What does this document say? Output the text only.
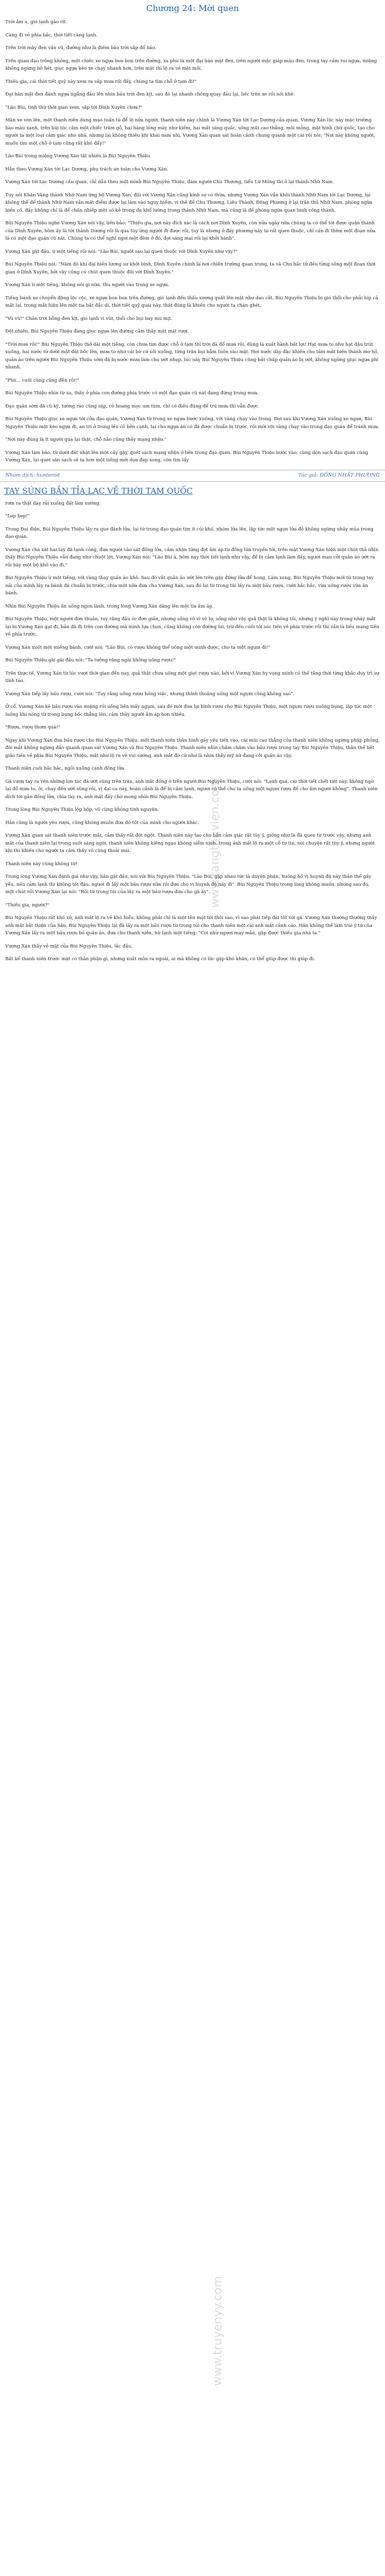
Chương 24: Mời quen

Trời âm u, gió lạnh gào rít.

Càng đi về phía bắc, thời tiết càng lạnh.

Trên trời mây đen vần vũ, đường như là điềm báo trời sắp đổ bão.

Trên quan đạo trống không, một chiếc xe ngựa bon bon trên đường, xa phu là một đại hán mặt đen, trên người mặc giáp màu đen, trong tay cầm roi ngựa, miệng không ngừng hô hét, giục ngựa kéo xe chạy nhanh hơn, trên mặt thì lộ ra vẻ mệt mỏi.

Thiếu gia, cái thời tiết quỷ này xem ra sắp mưa rồi đấy, chúng ta tìm chỗ ở tạm đi!"

Đại hán mặt đen đánh ngựa ngẩng đầu lên nhìn bầu trời đen kịt, sau đó lại nhanh chóng quay đầu lại, liếc trên xe rồi nói khẽ.

"Lão Bùi, tình thứ thời gian xem, sắp tới Dĩnh Xuyên chưa?"

Màn xe vén lên, một thanh niên dung mạo tuấn tú để lộ nửa người, thanh niên này chính là Vương Xán tới Lạc Dương cầu quan, Vương Xán lúc này mặc trường bào màu xanh, trên búi tóc cắm một chiếc trâm gỗ, hai hàng lông mày như kiếm, hai mắt sáng quắc, sống mũi cao thẳng, môi mỏng, mặt hình chữ quốc, tạo cho người ta một loại cảm giác nho nhã, nhưng lại không thiếu khí khái nam nhi, Vương Xán quan sát hoàn cảnh chung quanh một cái rồi nói: "Nơi này không người, muốn tìm một chỗ ở tạm cũng rất khó đấy!"

Lão Bùi trong miệng Vương Xán tất nhiên là Bùi Nguyên Thiệu.

Hắn theo Vương Xán tới Lạc Dương, phụ trách an toàn cho Vương Xán.

Vương Xán tới Lạc Dương cầu quan, chỉ dẫn theo một mình Bùi Nguyên Thiệu, đám người Chu Thương, tiểu Lữ Mông thì ở lại thành Nhữ Nam.

Tuy nói Khăn Vàng thành Nhữ Nam ứng hộ Vương Xán, đối với Vương Xán cũng kính sợ có thừa, nhưng Vương Xán vẫn khôi thành Nhữ Nam tới Lạc Dương, lại không thể để thành Nhữ Nam vắn mất điểm được lại làm vào nguy hiểm, vì thế để Chu Thương, Liêu Thành, Đông Phương ở lại trấn thủ Nhữ Nam, phòng ngừa biến cố, đây không chỉ là để chấn nhiếp một số kẻ trong đa khổ lường trong thành Nhữ Nam, mà cũng là để phòng ngừa quan binh công thành.

Bùi Nguyên Thiệu nghe Vương Xán nói vậy, liền bảo: "Thiếu gia, nơi này đích xác là cách nơi Dĩnh Xuyên, còn nửa ngày nữa chúng ta có thể tới được quận thành của Dĩnh Xuyên, hôm ấy là tới thành Dương rồi là qua tùy ứng người đi được rồi, tuy là nhưng ở đây phương này ta rất quen thuộc, chỉ cần đi thêm một đoạn nữa là có một đạo quán cũ nát. Chúng ta có thể nghỉ ngơi một đêm ở đó, đợi sáng mai rồi lại khởi hành".

Vương Xán gật đầu, ừ một tiếng rồi nói: "Lão Bùi, người sao lại quen thuộc với Dĩnh Xuyên như vậy?"

Bùi Nguyên Thiệu nói: "Năm đó khi đại hiền lương sư khởi binh, Dĩnh Xuyên chính là nơi chiến trường quan trọng, ta và Chu hắc tử đều từng sống một đoạn thời gian ở Dĩnh Xuyên, bởi vậy cũng có chút quen thuộc đối với Dĩnh Xuyên."

Vương Xán ừ một tiếng, không nói gì nữa, thu người vào trong xe ngựa.

Tiếng bánh xe chuyển động lộc cộc, xe ngựa bon bon trên đường, gió lạnh đến thấu xương quất lên mặt như dao cắt, Bùi Nguyên Thiệu bị gió thổi cho phải híp cả mắt lại, trong mắt hiện lên một tia bất đắc dĩ, thời tiết quỷ quái này, thật đúng là khiến cho người ta chán ghét.

"Vù vù!" Chân trời bỗng đen kịt, gió lạnh vì vút, thổi cho bụi bay mù mịt.

Đột nhiên, Bùi Nguyên Thiệu đang giục ngựa lên đường cảm thấy mặt mát rượi.

"Trời mưa rồi!" Bùi Nguyên Thiệu thở dài một tiếng, còn chưa tìm được chỗ ở tạm thì trời đã đổ mưa rồi, dùng là xuất hành bất lợi! Hạt mưa to như hạt đậu trút xuống, hai nước từ dưới mặt đất bốc lên, mưa to như cái bờ cứ xối xuống, từng trận bụi bẫm tuôn vào mặt. Hơi nước dày đặc khiến cho tầm mắt biến thành mơ hồ, quần áo trên người Bùi Nguyên Thiệu sớm đã bị nước mưa làm cho ướt nhẹp, lúc này Bùi Nguyên Thiệu cũng bất chấp quần áo bị ướt, không ngừng giục ngựa phi nhanh.

"Phù... cuối cùng cũng đến rồi!"

Bùi Nguyên Thiệu nhìn từ xa, thấy ở phía con đường phía trước có một đạo quán cũ nát đang đứng trong mưa.

Đạo quán sớm đã cũ kỹ, tường rào cũng sập, cỏ hoang mọc um tùm, chỉ có điều đúng để trú mưa thì vẫn được.

Bùi Nguyên Thiệu giục xe ngựa tới cửa đạo quán, Vương Xán từ trong xe ngựa bước xuống, với vàng chạy vào trong. Đợi sau khi Vương Xán xuống xe ngựa, Bùi Nguyên Thiệu một kéo ngựa đi, an trí ở trong lều cỏ bên cạnh, lại cho ngựa ăn có đã được chuẩn bị trước, rồi mới vội vàng chạy vào trong đạo quán để tránh mưa.

"Nơi này đúng là ít người qua lại thật, chỗ nào cũng thấy mạng nhện."

Vương Xán làm bảo, từ dưới đất nhặt lên một cây gậy, quét sạch mạng nhện ở bên trong đạo quán. Bùi Nguyên Thiệu bước vào, cùng dọn sạch đạo quán cùng Vương Xán, lại quét sân sạch sẽ ta hơn một tiếng mới dọn đẹp xong, còn tìm lấy

Nhóm dịch: hunterod	Tác giả: ĐỒNG NHẤT PHƯƠNG
TAY SÚNG BẮN TỈA LẠC VỀ THỜI TAM QUỐC

rơm ra thật dày rải xuống đất làm nướng.

"Lẹp bẹp!"

Trong Đại điện, Bùi Nguyên Thiệu lấy ra que đánh lửa, lại từ trong đạo quán tìm ít củi khô, nhóm lửa lên, lập tức một ngọn lửa đỏ không ngừng nhảy múa trong đạo quán.

Vương Xán chà xát hai tay đã lạnh cóng, đưa người vào sát đống lửa, cảm nhận từng đợt ấm áp từ đống lửa truyền tới, trên mặt Vương Xán hiện một chút thả nhìn thấy Bùi Nguyên Thiệu vẫn đang như chuột lột, Vương Xán nói: "Lão Bùi à, hôm nay thời tiết lạnh như vậy, để bị cảm lạnh làm đấy, ngươi mau cởi quần áo ướt ra rồi hãy một bộ khô vào đi."

Bùi Nguyên Thiệu ừ một tiếng, với vàng thay quần áo khô. Sau đó vắt quần áo ướt lên trên gậy đứng lửa để hong. Làm xong, Bùi Nguyên Thiệu mới từ trong tay nải của mình lấy ra bánh đã chuẩn bị trước, chia một nửa đưa cho Vương Xán, sau đó lại từ trong túi lấy ra một bầu rượu, cười hắc hắc, vừa uống rượu vừa ăn bánh.

Nhìn Bùi Nguyên Thiệu ăn uống ngon lành, trong lòng Vương Xán dâng lên một tia ấm áp.

Bùi Nguyên Thiệu, một người đơn thuần, tuy rằng đầu óc đơn giản, nhưng sống vô vi vô lự, sống như vậy quả thật là không tồi, nhưng ý nghĩ này trong nháy mắt lại bị Vương Xán gạt đi, bản đã đi trên con đường mà mình lựa chọn, cũng không còn đường lui, trừ đến cuối tới sóc tiến về phía trước rồi thì vẫn là liều mạng tiến về phía trước.

Vương Xán xuốt một miếng bánh, cười nói: "Lão Bùi, có rượu không thể uống một mình được, cho ta một ngụm đi!"

Bùi Nguyên Thiệu gãi gãi đầu nói: "Ta tưởng rằng ngài không uống rượu!"

Trên thực tế, Vương Xán từ lúc vượt thời gian đến nay, quả thật chưa uống một giọt rượu nào, bởi vì Vương Xán hy vọng mình có thể tăng thời từng khắc duy trì sự tỉnh táo.

Vương Xán tiếp lấy bầu rượu, cười nói: "Tuy rằng uống rượu hỏng việc, nhưng thỉnh thoảng uống một ngụm cũng không sao".

Ở cổ, Vương Xán kê bầu rượu vào miệng rồi uống liền mấy ngụm, sau đó mới đưa lại bình rượu cho Bùi Nguyên Thiệu, một ngụm rượu xuống bụng, lập tức một luồng khí nóng từ trong bụng bốc thẳng lên, cảm thấy người ấm áp hơn nhiều.

"Rượu, rượu thơm quá!"

Ngay khi Vương Xán đưa bầu rượu cho Bùi Nguyên Thiệu, một thanh niên thân hình gầy yếu tiến vào, cái mũi cao thẳng của thanh niên không ngừng phập phồng, đôi mắt không ngừng đảo quanh quan sát Vương Xán và Bùi Nguyên Thiệu. Thanh niên nhìn chăm chăm vào bầu rượu trong tay Bùi Nguyên Thiệu, thân thể hết giảo tiến về phía Bùi Nguyên Thiệu, mắt như lộ ra vẻ vui sướng, anh mắt đờ cứ như là nhìn thấy mỹ nữ đang cởi quần áo vậy.

Thanh niên cuối hắc hắc, ngồi xuống cạnh đống lửa.

Gã vươn tay ra vén những lọn tóc đã ướt sũng trên trán, anh mắt đồng ờ trên người Bùi Nguyên Thiệu, cười nói: "Lạnh quá, cái thời tiết chết tiệt này, không ngờ lại đổ mưa to, ôi, chạy đến ướt sũng rồi, vị đại ca này, hoàn cảnh là để bị cảm lạnh, ngươi có thể cho ta uống một ngụm rượu để cho ấm người không". Thanh niên dích tới gần đống lửa, chìa tay ra, ánh mắt đầy chờ mong nhìn Bùi Nguyên Thiệu.

Trong lòng Bùi Nguyên Thiệu lộp bộp, vô cùng không tình nguyện.

Hắn cũng là người yêu rượu, cũng không muốn đưa đồ tốt của mình cho người khác.

Vương Xán quan sát thanh niên trước mắt, cảm thấy rất đột ngột. Thanh niên này tao cho hắn cảm giác rất tùy ý, giống như là đã quen từ trước vậy, nhưng anh mắt của thanh niên lại trong suốt sáng ngời, thanh niên không kiêng ngạo không siểm nịnh, trong ánh mắt lộ ra một cỗ tự tin, nói chuyện rất tùy ý, nhưng người khi thì khiến cho người ta cảm thấy vô cùng thoải mái.

Thanh niên này cũng không từ!

Trong lòng Vương Xán đánh giá như vậy, hắn gật đầu, nói với Bùi Nguyên Thiệu: "Lão Bùi, gặp nhau tức là duyên phận, huống hồ vị huynh đệ này thân thể gầy yếu, nếu cảm lạnh thì không tốt đâu, ngươi đi lấy một bầu rượu nữa rồi đưa cho vị huynh đệ này đi". Bùi Nguyên Thiệu trong lòng không muốn, nhưng sau đó, một chút rồi Vương Xán lại nói: "Rồi từ trong túi của lấy ra một bầu rượu đưa cho gã ấy".

"Thiếu gia, người?"

Bùi Nguyên Thiệu rất khó xử, ánh mắt lộ ra vẻ khó hiểu, không phải chỉ là một tên mọt tới thôi sao; vì sao phải tiếp đãi tốt với gã. Vương Xán thường thường thấy anh mắt bất thiện của hắn, Bùi Nguyên Thiệu lại đã lấy ra một bầu rượu từ trong túi cho thanh niên một cái anh mắt cảnh cáo. Hắn không thể làm trái ý tứ của Vương Xán lấy ra một bầu rượu bỏ quần áo, đưa cho thanh niên, hừ lạnh một tiếng: "Coi như ngươi may mắn, gặp được thiếu gia nhà ta."

Vương Xán thấy vẻ mặt của Bùi Nguyên Thiệu, lắc đầu.

Bất kể thanh niên trước mặt có thân phận gì, nhưng xuất môn ra ngoài, ai mà không có lúc gặp khó khăn, có thể giúp được thì giúp đi.

www.tangthuvien.com
www.truyenyy.com
